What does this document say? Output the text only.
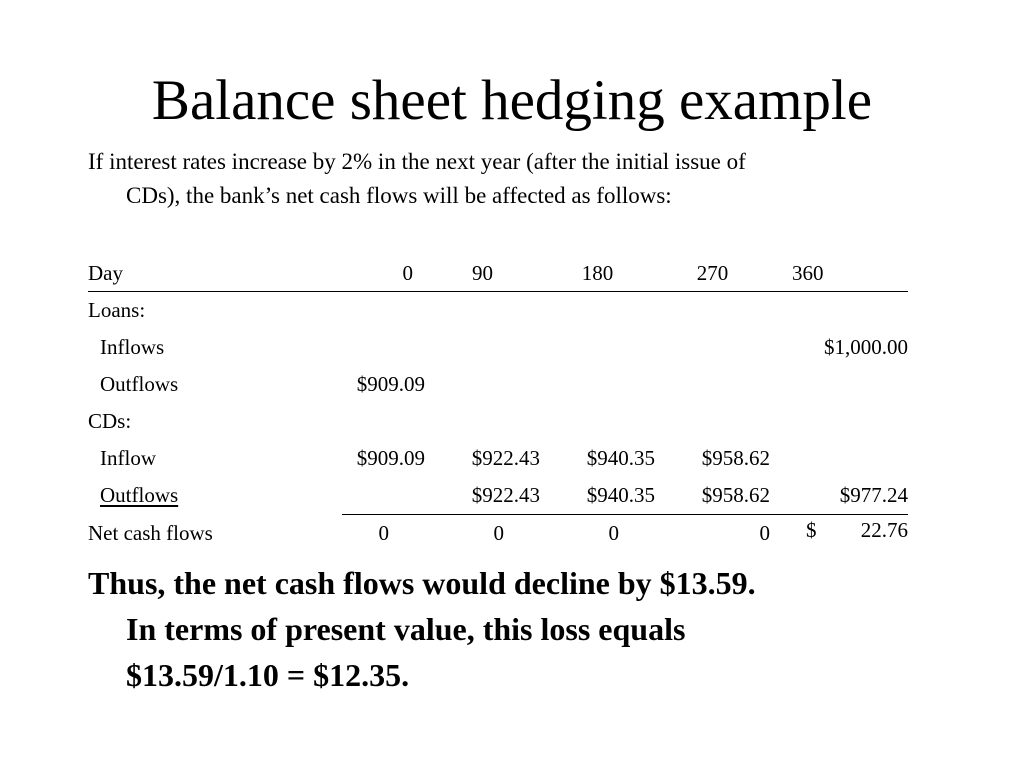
Balance sheet hedging example
If interest rates increase by 2% in the next year (after the initial issue of
CDs), the bank’s net cash flows will be affected as follows:
Day	0	90	180	270	360
Loans:					
Inflows					$1,000.00
Outflows	$909.09				
CDs:					
Inflow	$909.09	$922.43	$940.35	$958.62	
Outflows		$922.43	$940.35	$958.62	$977.24
Net cash flows	0	0	0	0	$ 22.76
Thus, the net cash flows would decline by $13.59.
In terms of present value, this loss equals
$13.59/1.10 = $12.35.
